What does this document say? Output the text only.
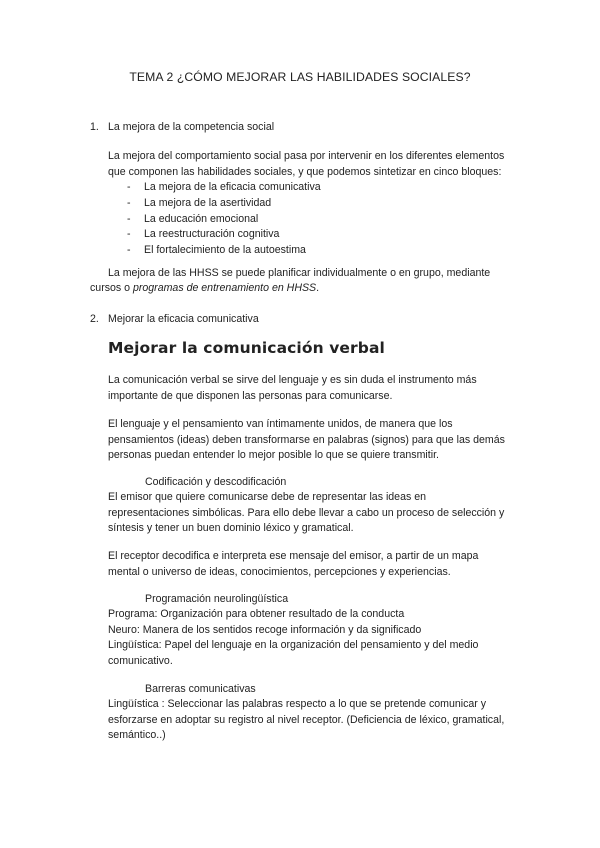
TEMA 2 ¿CÓMO MEJORAR LAS HABILIDADES SOCIALES?
1. La mejora de la competencia social
La mejora del comportamiento social pasa por intervenir en los diferentes elementos
que componen las habilidades sociales, y que podemos sintetizar en cinco bloques:
- La mejora de la eficacia comunicativa
- La mejora de la asertividad
- La educación emocional
- La reestructuración cognitiva
- El fortalecimiento de la autoestima
La mejora de las HHSS se puede planificar individualmente o en grupo, mediante
cursos o programas de entrenamiento en HHSS.
2. Mejorar la eficacia comunicativa
Mejorar la comunicación verbal
La comunicación verbal se sirve del lenguaje y es sin duda el instrumento más
importante de que disponen las personas para comunicarse.
El lenguaje y el pensamiento van íntimamente unidos, de manera que los
pensamientos (ideas) deben transformarse en palabras (signos) para que las demás
personas puedan entender lo mejor posible lo que se quiere transmitir.
Codificación y descodificación
El emisor que quiere comunicarse debe de representar las ideas en
representaciones simbólicas. Para ello debe llevar a cabo un proceso de selección y
síntesis y tener un buen dominio léxico y gramatical.
El receptor decodifica e interpreta ese mensaje del emisor, a partir de un mapa
mental o universo de ideas, conocimientos, percepciones y experiencias.
Programación neurolingüística
Programa: Organización para obtener resultado de la conducta
Neuro: Manera de los sentidos recoge información y da significado
Lingüística: Papel del lenguaje en la organización del pensamiento y del medio
comunicativo.
Barreras comunicativas
Lingüística : Seleccionar las palabras respecto a lo que se pretende comunicar y
esforzarse en adoptar su registro al nivel receptor. (Deficiencia de léxico, gramatical,
semántico..)
